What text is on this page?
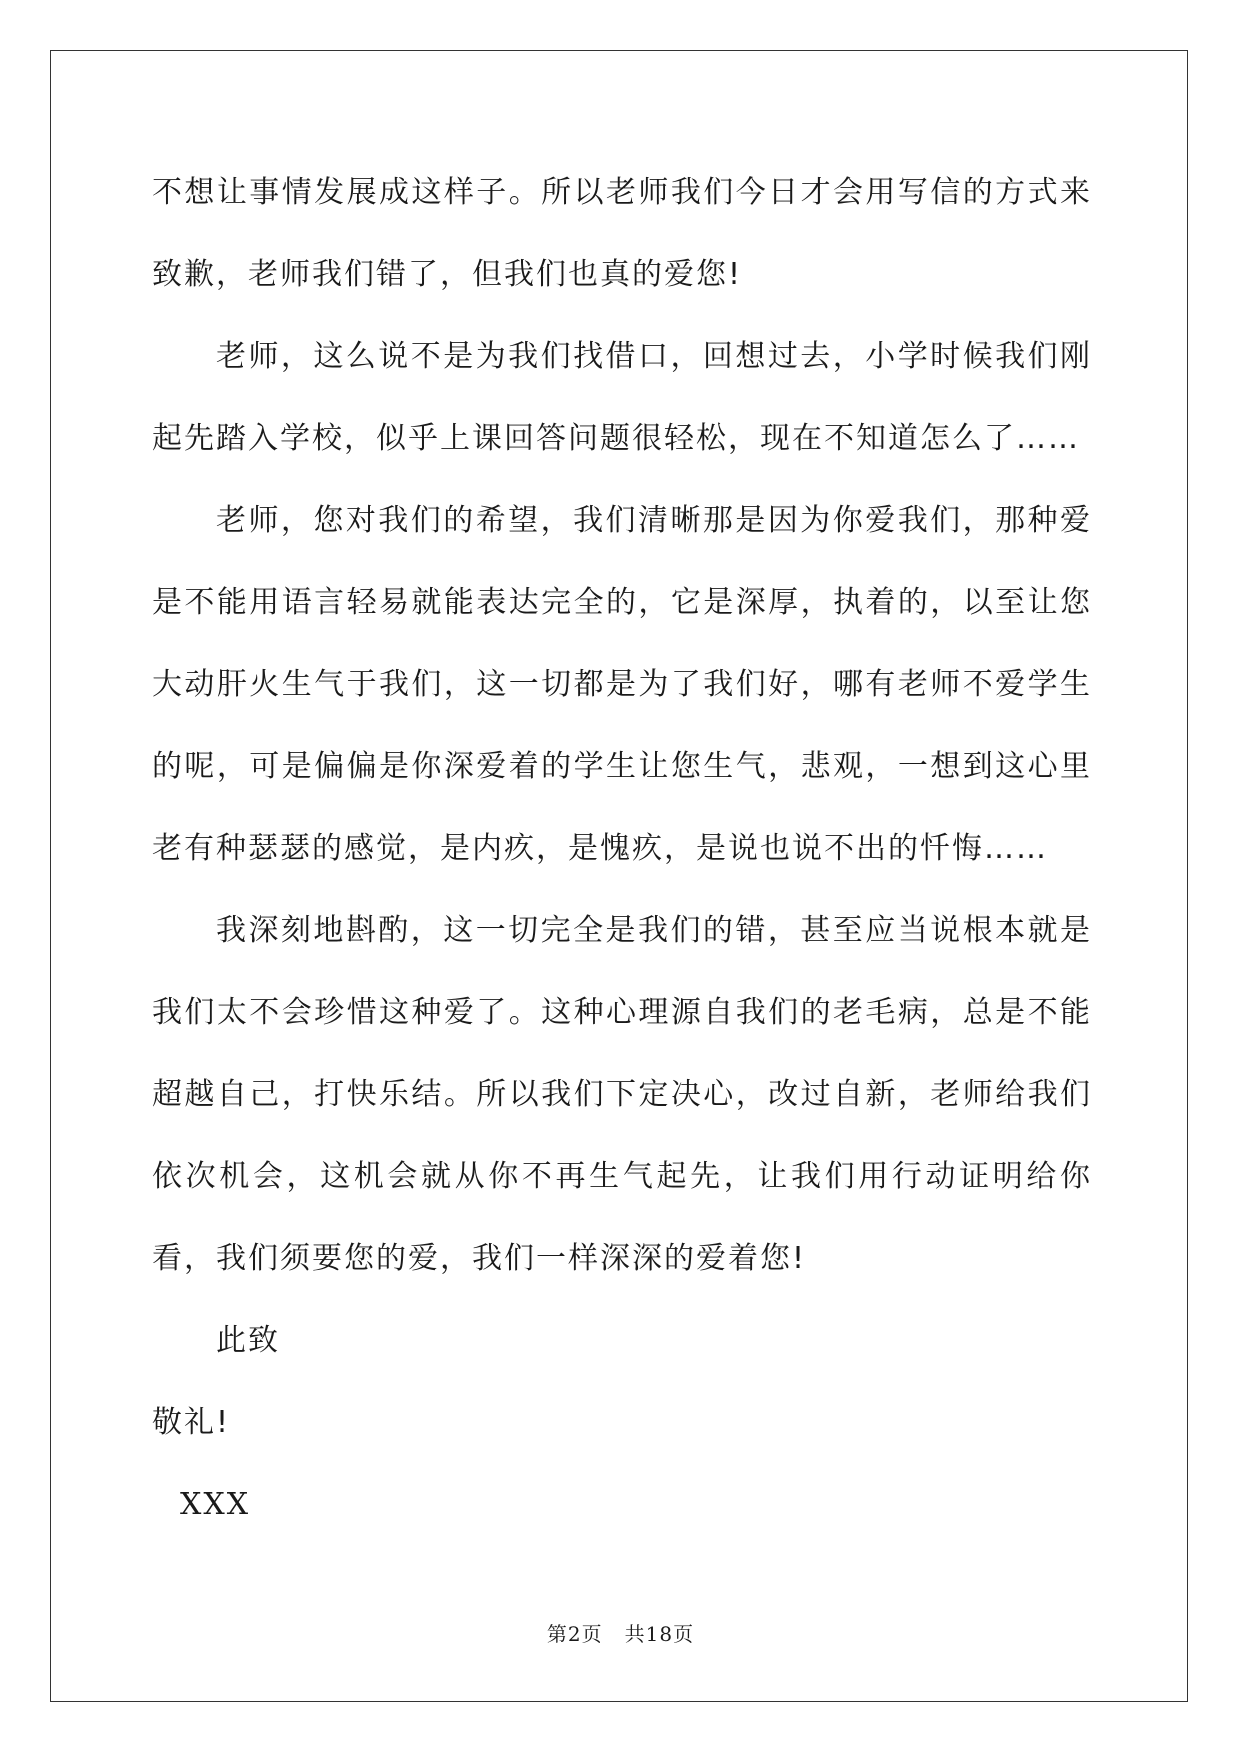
不想让事情发展成这样子。所以老师我们今日才会用写信的方式来致歉，老师我们错了，但我们也真的爱您!

老师，这么说不是为我们找借口，回想过去，小学时候我们刚起先踏入学校，似乎上课回答问题很轻松，现在不知道怎么了……

老师，您对我们的希望，我们清晰那是因为你爱我们，那种爱是不能用语言轻易就能表达完全的，它是深厚，执着的，以至让您大动肝火生气于我们，这一切都是为了我们好，哪有老师不爱学生的呢，可是偏偏是你深爱着的学生让您生气，悲观，一想到这心里老有种瑟瑟的感觉，是内疚，是愧疚，是说也说不出的忏悔……

我深刻地斟酌，这一切完全是我们的错，甚至应当说根本就是我们太不会珍惜这种爱了。这种心理源自我们的老毛病，总是不能超越自己，打快乐结。所以我们下定决心，改过自新，老师给我们依次机会，这机会就从你不再生气起先，让我们用行动证明给你看，我们须要您的爱，我们一样深深的爱着您!

此致

敬礼!

XXX

第2页 共18页
